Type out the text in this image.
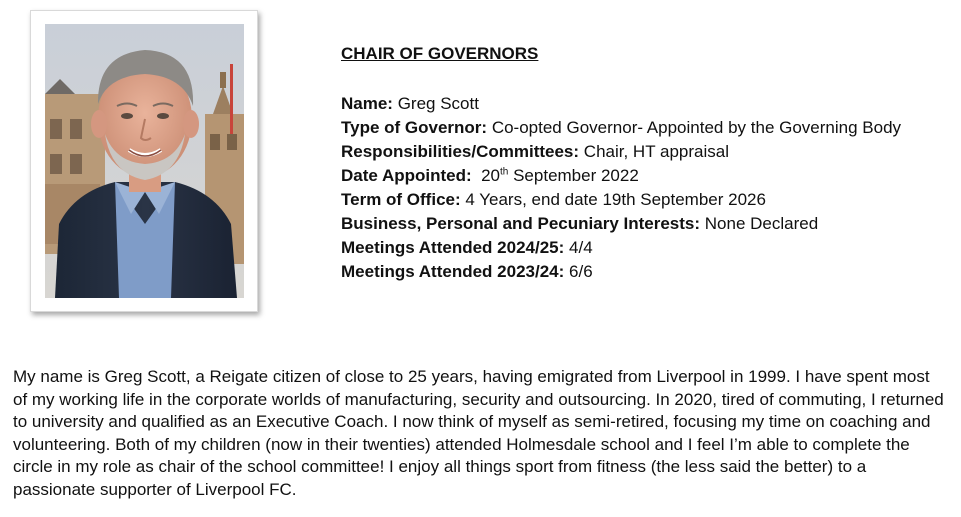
CHAIR OF GOVERNORS
Name: Greg Scott
Type of Governor: Co-opted Governor- Appointed by the Governing Body
Responsibilities/Committees: Chair, HT appraisal
Date Appointed: 20th September 2022
Term of Office: 4 Years, end date 19th September 2026
Business, Personal and Pecuniary Interests: None Declared
Meetings Attended 2024/25: 4/4
Meetings Attended 2023/24: 6/6

My name is Greg Scott, a Reigate citizen of close to 25 years, having emigrated from Liverpool in 1999. I have spent most of my working life in the corporate worlds of manufacturing, security and outsourcing. In 2020, tired of commuting, I returned to university and qualified as an Executive Coach. I now think of myself as semi-retired, focusing my time on coaching and volunteering. Both of my children (now in their twenties) attended Holmesdale school and I feel I’m able to complete the circle in my role as chair of the school committee! I enjoy all things sport from fitness (the less said the better) to a passionate supporter of Liverpool FC.
